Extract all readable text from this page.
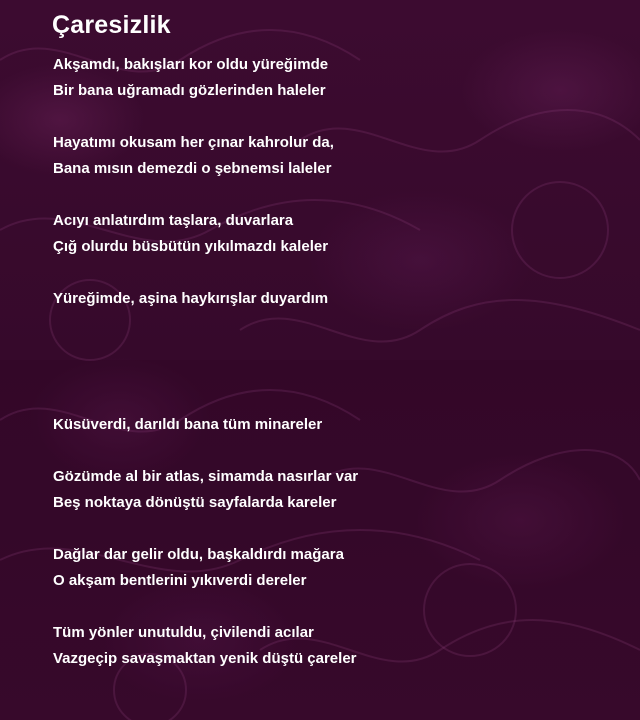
Çaresizlik

Akşamdı, bakışları kor oldu yüreğimde

Bir bana uğramadı gözlerinden haleler

Hayatımı okusam her çınar kahrolur da,

Bana mısın demezdi o şebnemsi laleler

Acıyı anlatırdım taşlara, duvarlara

Çığ olurdu büsbütün yıkılmazdı kaleler

Yüreğimde, aşina haykırışlar duyardım

Küsüverdi, darıldı bana tüm minareler

Gözümde al bir atlas, simamda nasırlar var

Beş noktaya dönüştü sayfalarda kareler

Dağlar dar gelir oldu, başkaldırdı mağara

O akşam bentlerini yıkıverdi dereler

Tüm yönler unutuldu, çivilendi acılar

Vazgeçip savaşmaktan yenik düştü çareler
